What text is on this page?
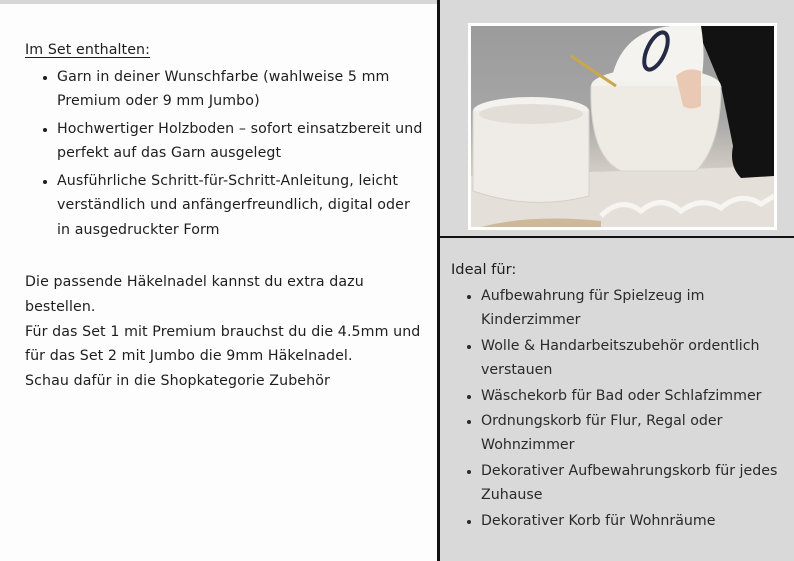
Im Set enthalten:
• Garn in deiner Wunschfarbe (wahlweise 5 mm Premium oder 9 mm Jumbo)
• Hochwertiger Holzboden – sofort einsatzbereit und perfekt auf das Garn ausgelegt
• Ausführliche Schritt-für-Schritt-Anleitung, leicht verständlich und anfängerfreundlich, digital oder in ausgedruckter Form

Die passende Häkelnadel kannst du extra dazu bestellen.

Für das Set 1 mit Premium brauchst du die 4.5mm und für das Set 2 mit Jumbo die 9mm Häkelnadel.

Schau dafür in die Shopkategorie Zubehör

Ideal für:
• Aufbewahrung für Spielzeug im Kinderzimmer
• Wolle & Handarbeitszubehör ordentlich verstauen
• Wäschekorb für Bad oder Schlafzimmer
• Ordnungskorb für Flur, Regal oder Wohnzimmer
• Dekorativer Aufbewahrungskorb für jedes Zuhause
• Dekorativer Korb für Wohnräume
